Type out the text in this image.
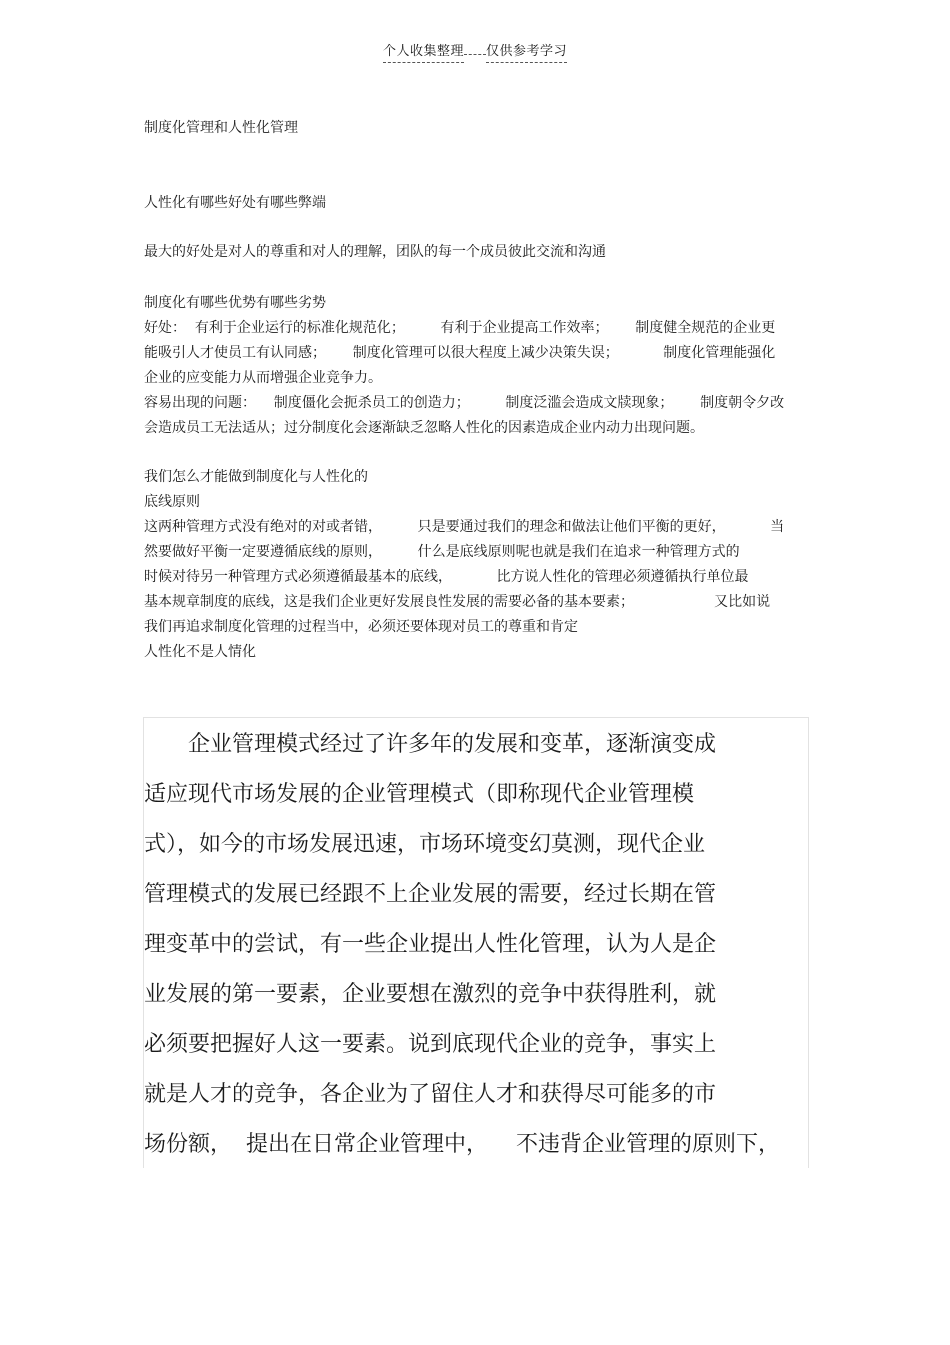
个人收集整理 仅供参考学习
制度化管理和人性化管理
人性化有哪些好处有哪些弊端
最大的好处是对人的尊重和对人的理解，团队的每一个成员彼此交流和沟通
制度化有哪些优势有哪些劣势
好处：  有利于企业运行的标准化规范化；        有利于企业提高工作效率；      制度健全规范的企业更
能吸引人才使员工有认同感；      制度化管理可以很大程度上减少决策失误；          制度化管理能强化
企业的应变能力从而增强企业竞争力。
容易出现的问题：    制度僵化会扼杀员工的创造力；        制度泛滥会造成文牍现象；      制度朝令夕改
会造成员工无法适从；过分制度化会逐渐缺乏忽略人性化的因素造成企业内动力出现问题。
我们怎么才能做到制度化与人性化的
底线原则
这两种管理方式没有绝对的对或者错，        只是要通过我们的理念和做法让他们平衡的更好，          当
然要做好平衡一定要遵循底线的原则，        什么是底线原则呢也就是我们在追求一种管理方式的
时候对待另一种管理方式必须遵循最基本的底线，          比方说人性化的管理必须遵循执行单位最
基本规章制度的底线，这是我们企业更好发展良性发展的需要必备的基本要素；                  又比如说
我们再追求制度化管理的过程当中，必须还要体现对员工的尊重和肯定
人性化不是人情化
　　企业管理模式经过了许多年的发展和变革，逐渐演变成
适应现代市场发展的企业管理模式（即称现代企业管理模
式），如今的市场发展迅速，市场环境变幻莫测，现代企业
管理模式的发展已经跟不上企业发展的需要，经过长期在管
理变革中的尝试，有一些企业提出人性化管理，认为人是企
业发展的第一要素，企业要想在激烈的竞争中获得胜利，就
必须要把握好人这一要素。说到底现代企业的竞争，事实上
就是人才的竞争，各企业为了留住人才和获得尽可能多的市
场份额，  提出在日常企业管理中，    不违背企业管理的原则下，
